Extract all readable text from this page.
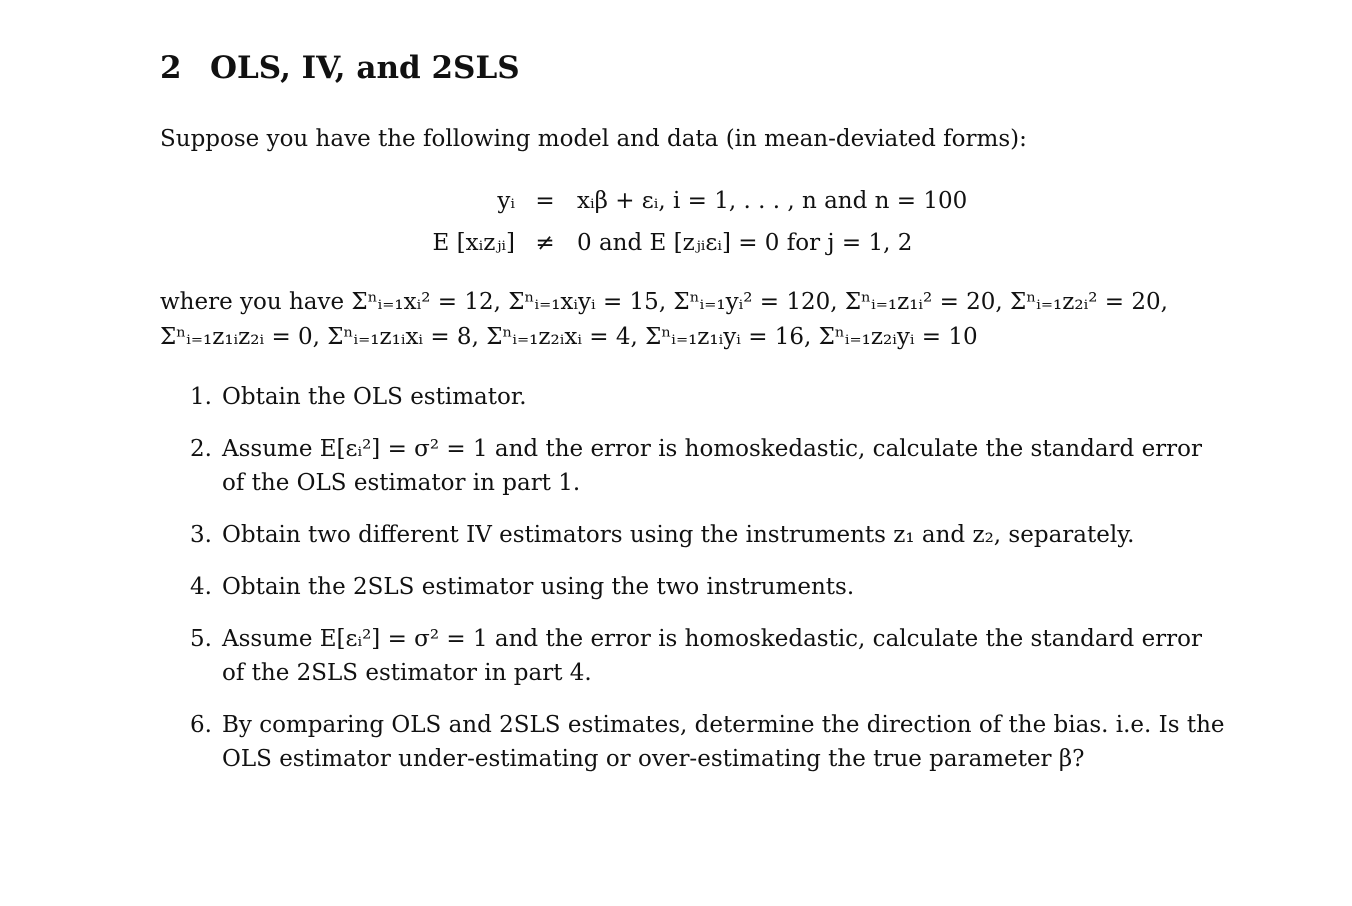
2 OLS, IV, and 2SLS
Suppose you have the following model and data (in mean-deviated forms):
yᵢ = xᵢβ + εᵢ, i = 1, . . . , n and n = 100
E [xᵢzⱼᵢ] ≠ 0 and E [zⱼᵢεᵢ] = 0 for j = 1, 2
where you have Σⁿᵢ₌₁xᵢ² = 12, Σⁿᵢ₌₁xᵢyᵢ = 15, Σⁿᵢ₌₁yᵢ² = 120, Σⁿᵢ₌₁z₁ᵢ² = 20, Σⁿᵢ₌₁z₂ᵢ² = 20, Σⁿᵢ₌₁z₁ᵢz₂ᵢ = 0, Σⁿᵢ₌₁z₁ᵢxᵢ = 8, Σⁿᵢ₌₁z₂ᵢxᵢ = 4, Σⁿᵢ₌₁z₁ᵢyᵢ = 16, Σⁿᵢ₌₁z₂ᵢyᵢ = 10
1. Obtain the OLS estimator.
2. Assume E[εᵢ²] = σ² = 1 and the error is homoskedastic, calculate the standard error of the OLS estimator in part 1.
3. Obtain two different IV estimators using the instruments z₁ and z₂, separately.
4. Obtain the 2SLS estimator using the two instruments.
5. Assume E[εᵢ²] = σ² = 1 and the error is homoskedastic, calculate the standard error of the 2SLS estimator in part 4.
6. By comparing OLS and 2SLS estimates, determine the direction of the bias. i.e. Is the OLS estimator under-estimating or over-estimating the true parameter β?
